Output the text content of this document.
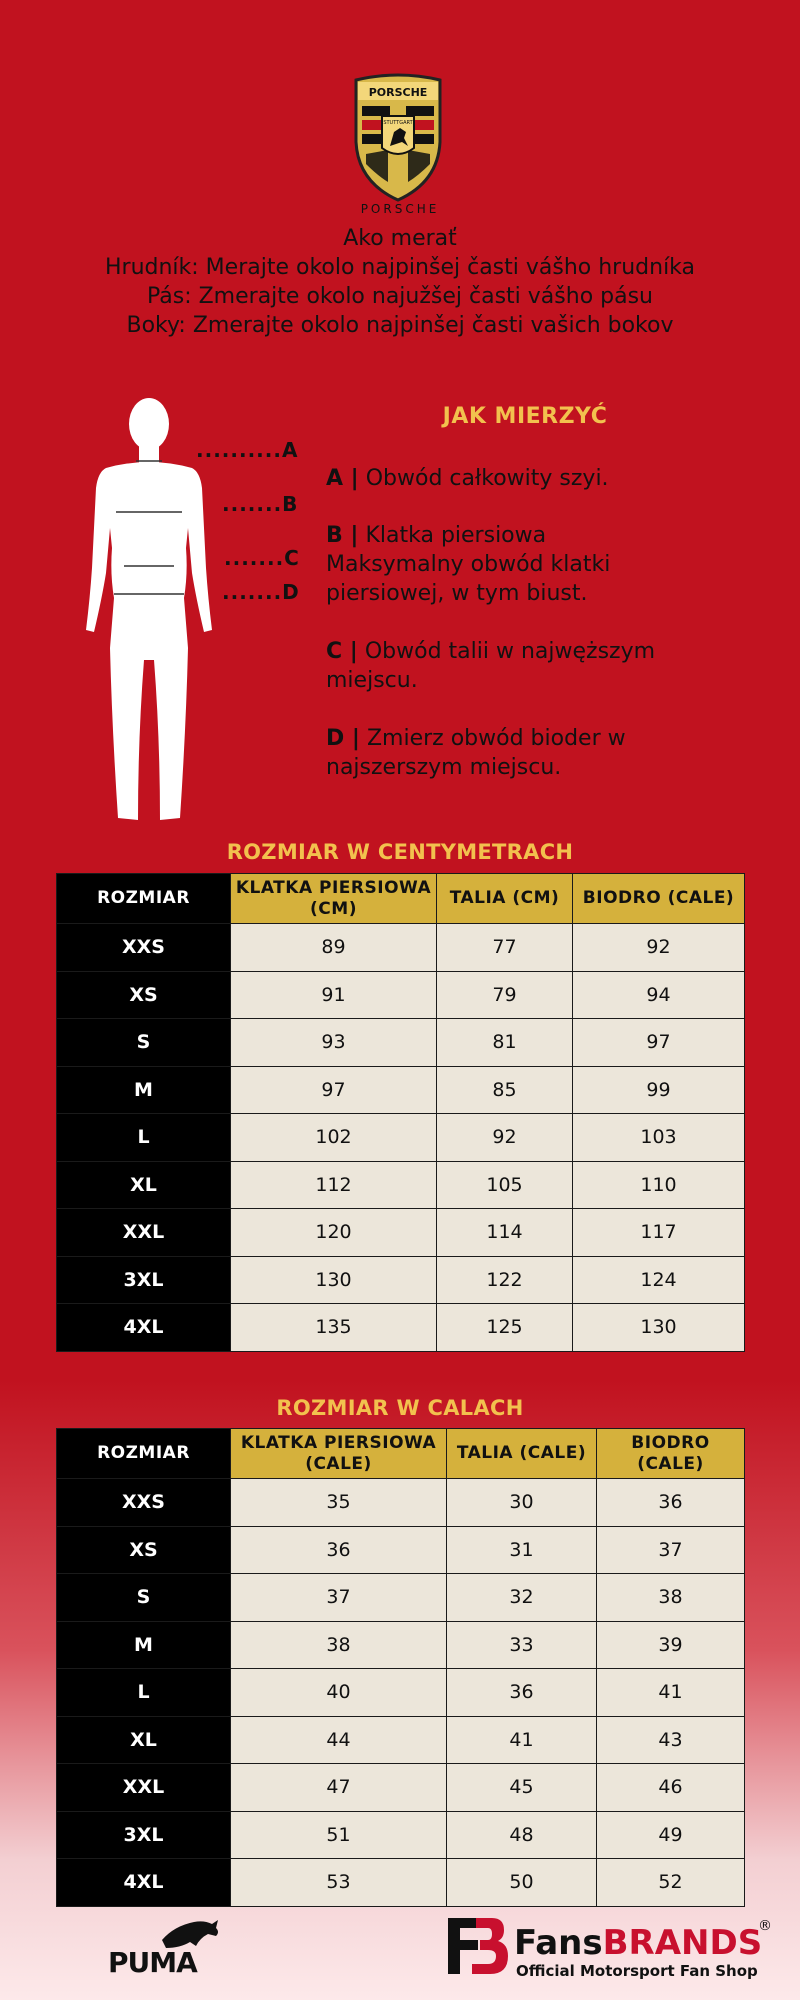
PORSCHE
STUTTGART
PORSCHE
Ako merať
Hrudník: Merajte okolo najpinšej časti vášho hrudníka
Pás: Zmerajte okolo najužšej časti vášho pásu
Boky: Zmerajte okolo najpinšej časti vašich bokov
..........A
.......B
.......C
.......D
JAK MIERZYĆ
A | Obwód całkowity szyi.
B | Klatka piersiowa
Maksymalny obwód klatki
piersiowej, w tym biust.
C | Obwód talii w najwęższym
miejscu.
D | Zmierz obwód bioder w
najszerszym miejscu.
ROZMIAR W CENTYMETRACH
ROZMIAR	KLATKA PIERSIOWA (CM)	TALIA (CM)	BIODRO (CALE)
XXS	89	77	92
XS	91	79	94
S	93	81	97
M	97	85	99
L	102	92	103
XL	112	105	110
XXL	120	114	117
3XL	130	122	124
4XL	135	125	130
ROZMIAR W CALACH
ROZMIAR	KLATKA PIERSIOWA (CALE)	TALIA (CALE)	BIODRO (CALE)
XXS	35	30	36
XS	36	31	37
S	37	32	38
M	38	33	39
L	40	36	41
XL	44	41	43
XXL	47	45	46
3XL	51	48	49
4XL	53	50	52
PUMA	FansBRANDS
®
Official Motorsport Fan Shop
